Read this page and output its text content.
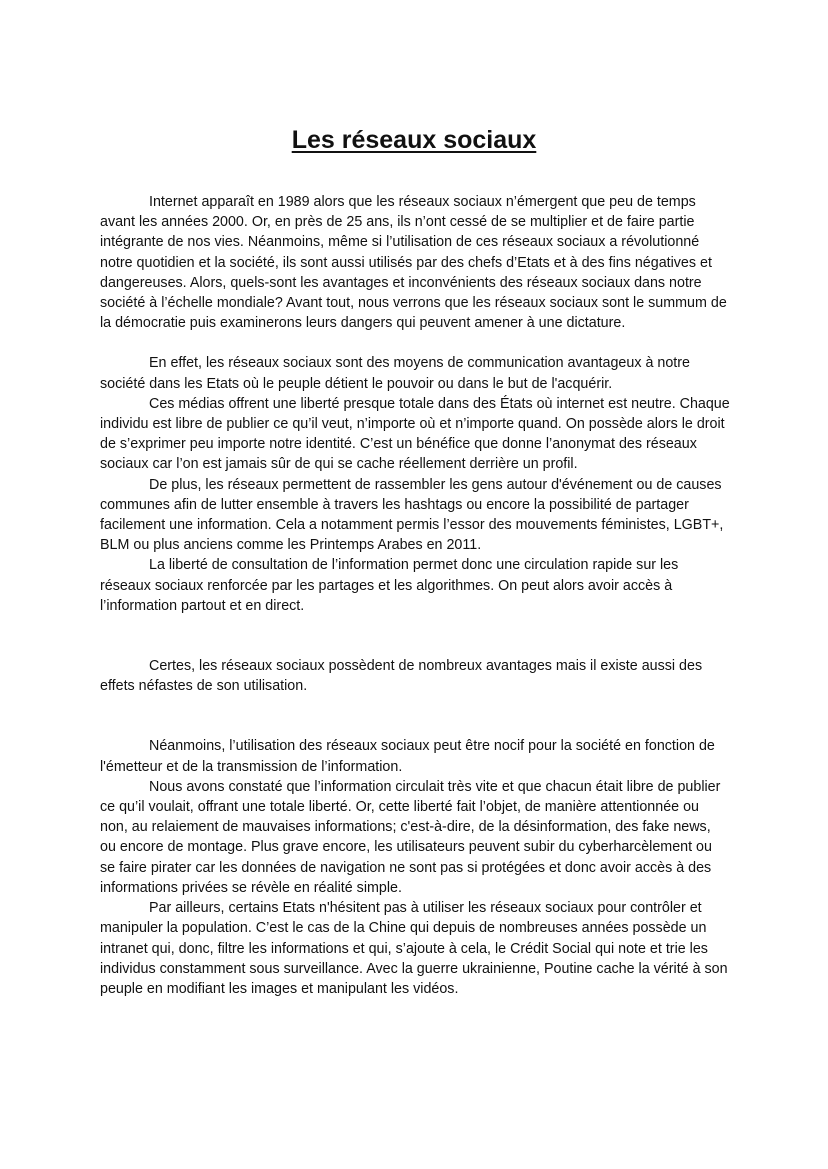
Les réseaux sociaux

Internet apparaît en 1989 alors que les réseaux sociaux n’émergent que peu de temps avant les années 2000. Or, en près de 25 ans, ils n’ont cessé de se multiplier et de faire partie intégrante de nos vies. Néanmoins, même si l’utilisation de ces réseaux sociaux a révolutionné notre quotidien et la société, ils sont aussi utilisés par des chefs d’Etats et à des fins négatives et dangereuses. Alors, quels-sont les avantages et inconvénients des réseaux sociaux dans notre société à l’échelle mondiale? Avant tout, nous verrons que les réseaux sociaux sont le summum de la démocratie puis examinerons leurs dangers qui peuvent amener à une dictature.

En effet, les réseaux sociaux sont des moyens de communication avantageux à notre société dans les Etats où le peuple détient le pouvoir ou dans le but de l'acquérir.

Ces médias offrent une liberté presque totale dans des États où internet est neutre. Chaque individu est libre de publier ce qu’il veut, n’importe où et n’importe quand. On possède alors le droit de s’exprimer peu importe notre identité. C’est un bénéfice que donne l’anonymat des réseaux sociaux car l’on est jamais sûr de qui se cache réellement derrière un profil.

De plus, les réseaux permettent de rassembler les gens autour d'événement ou de causes communes afin de lutter ensemble à travers les hashtags ou encore la possibilité de partager facilement une information. Cela a notamment permis l’essor des mouvements féministes, LGBT+, BLM ou plus anciens comme les Printemps Arabes en 2011.

La liberté de consultation de l’information permet donc une circulation rapide sur les réseaux sociaux renforcée par les partages et les algorithmes. On peut alors avoir accès à l’information partout et en direct.

Certes, les réseaux sociaux possèdent de nombreux avantages mais il existe aussi des effets néfastes de son utilisation.

Néanmoins, l’utilisation des réseaux sociaux peut être nocif pour la société en fonction de l'émetteur et de la transmission de l’information.

Nous avons constaté que l’information circulait très vite et que chacun était libre de publier ce qu’il voulait, offrant une totale liberté. Or, cette liberté fait l’objet, de manière attentionnée ou non, au relaiement de mauvaises informations; c'est-à-dire, de la désinformation, des fake news, ou encore de montage. Plus grave encore, les utilisateurs peuvent subir du cyberharcèlement ou se faire pirater car les données de navigation ne sont pas si protégées et donc avoir accès à des informations privées se révèle en réalité simple.

Par ailleurs, certains Etats n'hésitent pas à utiliser les réseaux sociaux pour contrôler et manipuler la population. C’est le cas de la Chine qui depuis de nombreuses années possède un intranet qui, donc, filtre les informations et qui, s’ajoute à cela, le Crédit Social qui note et trie les individus constamment sous surveillance. Avec la guerre ukrainienne, Poutine cache la vérité à son peuple en modifiant les images et manipulant les vidéos.
